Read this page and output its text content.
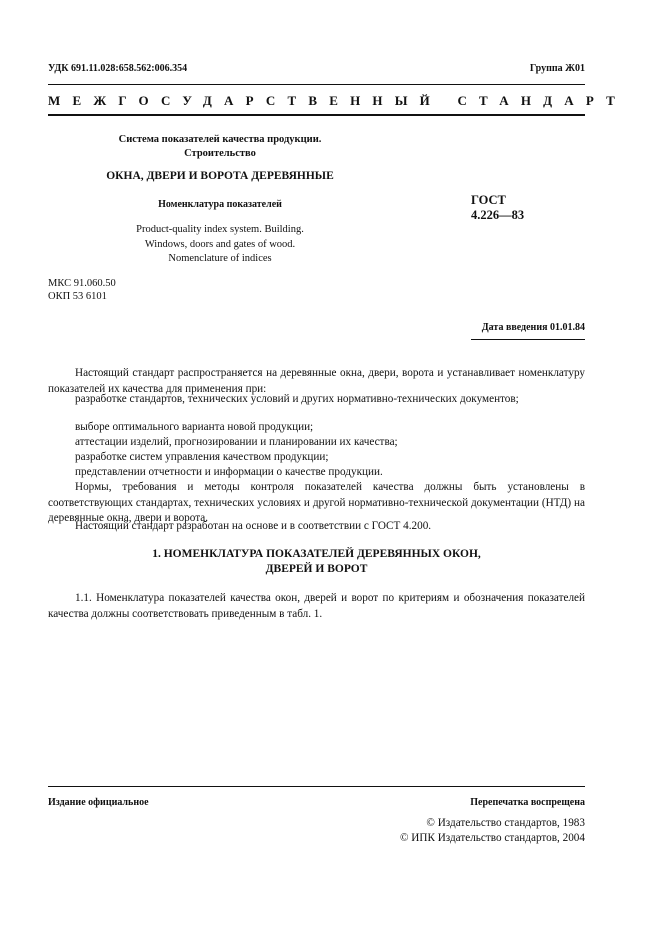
УДК 691.11.028:658.562:006.354	Группа Ж01
МЕЖГОСУДАРСТВЕННЫЙ СТАНДАРТ
Система показателей качества продукции.
Строительство
ОКНА, ДВЕРИ И ВОРОТА ДЕРЕВЯННЫЕ
Номенклатура показателей
Product-quality index system. Building.
Windows, doors and gates of wood.
Nomenclature of indices
ГОСТ
4.226—83
МКС 91.060.50
ОКП 53 6101
Дата введения 01.01.84
Настоящий стандарт распространяется на деревянные окна, двери, ворота и устанавливает номенклатуру показателей их качества для применения при:
разработке стандартов, технических условий и других нормативно-технических документов;
выборе оптимального варианта новой продукции;
аттестации изделий, прогнозировании и планировании их качества;
разработке систем управления качеством продукции;
представлении отчетности и информации о качестве продукции.
Нормы, требования и методы контроля показателей качества должны быть установлены в соответствующих стандартах, технических условиях и другой нормативно-технической документации (НТД) на деревянные окна, двери и ворота.
Настоящий стандарт разработан на основе и в соответствии с ГОСТ 4.200.
1. НОМЕНКЛАТУРА ПОКАЗАТЕЛЕЙ ДЕРЕВЯННЫХ ОКОН,
ДВЕРЕЙ И ВОРОТ
1.1. Номенклатура показателей качества окон, дверей и ворот по критериям и обозначения показателей качества должны соответствовать приведенным в табл. 1.
Издание официальное	Перепечатка воспрещена
© Издательство стандартов, 1983
© ИПК Издательство стандартов, 2004
